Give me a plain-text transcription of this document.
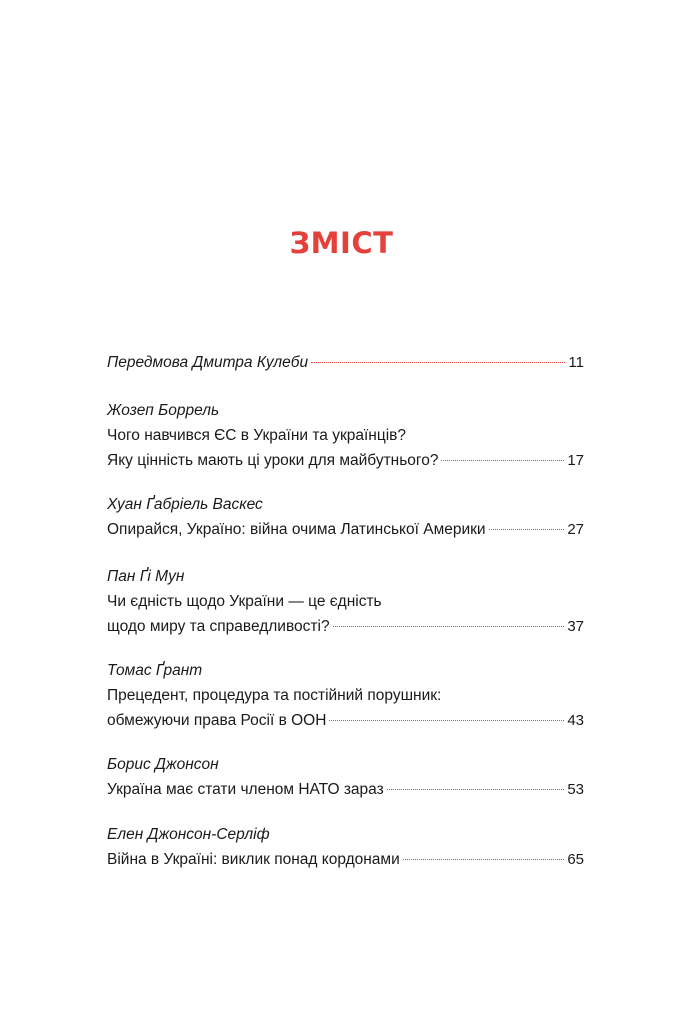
ЗМІСТ
Передмова Дмитра Кулеби	11
Жозеп Боррель
Чого навчився ЄС в України та українців?
Яку цінність мають ці уроки для майбутнього?	17
Хуан Ґабріель Васкес
Опирайся, Україно: війна очима Латинської Америки	27
Пан Ґі Мун
Чи єдність щодо України — це єдність
щодо миру та справедливості?	37
Томас Ґрант
Прецедент, процедура та постійний порушник:
обмежуючи права Росії в ООН	43
Борис Джонсон
Україна має стати членом НАТО зараз	53
Елен Джонсон-Серліф
Війна в Україні: виклик понад кордонами	65
